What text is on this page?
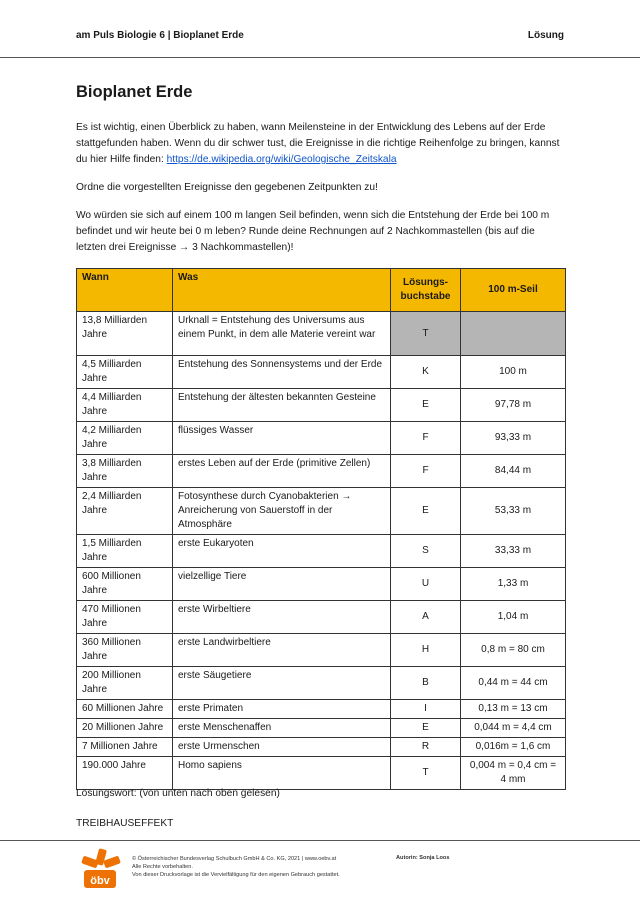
am Puls Biologie 6 | Bioplanet Erde	Lösung
Bioplanet Erde

Es ist wichtig, einen Überblick zu haben, wann Meilensteine in der Entwicklung des Lebens auf der Erde stattgefunden haben. Wenn du dir schwer tust, die Ereignisse in die richtige Reihenfolge zu bringen, kannst du hier Hilfe finden: https://de.wikipedia.org/wiki/Geologische_Zeitskala

Ordne die vorgestellten Ereignisse den gegebenen Zeitpunkten zu!

Wo würden sie sich auf einem 100 m langen Seil befinden, wenn sich die Entstehung der Erde bei 100 m befindet und wir heute bei 0 m leben? Runde deine Rechnungen auf 2 Nachkommastellen (bis auf die letzten drei Ereignisse → 3 Nachkommastellen)!

Wann	Was	Lösungs-buchstabe	100 m-Seil
13,8 Milliarden Jahre	Urknall = Entstehung des Universums aus einem Punkt, in dem alle Materie vereint war	T	
4,5 Milliarden Jahre	Entstehung des Sonnensystems und der Erde	K	100 m
4,4 Milliarden Jahre	Entstehung der ältesten bekannten Gesteine	E	97,78 m
4,2 Milliarden Jahre	flüssiges Wasser	F	93,33 m
3,8 Milliarden Jahre	erstes Leben auf der Erde (primitive Zellen)	F	84,44 m
2,4 Milliarden Jahre	Fotosynthese durch Cyanobakterien → Anreicherung von Sauerstoff in der Atmosphäre	E	53,33 m
1,5 Milliarden Jahre	erste Eukaryoten	S	33,33 m
600 Millionen Jahre	vielzellige Tiere	U	1,33 m
470 Millionen Jahre	erste Wirbeltiere	A	1,04 m
360 Millionen Jahre	erste Landwirbeltiere	H	0,8 m = 80 cm
200 Millionen Jahre	erste Säugetiere	B	0,44 m = 44 cm
60 Millionen Jahre	erste Primaten	I	0,13 m = 13 cm
20 Millionen Jahre	erste Menschenaffen	E	0,044 m = 4,4 cm
7 Millionen Jahre	erste Urmenschen	R	0,016m = 1,6 cm
190.000 Jahre	Homo sapiens	T	0,004 m = 0,4 cm = 4 mm

Lösungswort: (von unten nach oben gelesen)

TREIBHAUSEFFEKT

öbv
© Österreichischer Bundesverlag Schulbuch GmbH & Co. KG, 2021 | www.oebv.at
Alle Rechte vorbehalten.
Von dieser Druckvorlage ist die Vervielfältigung für den eigenen Gebrauch gestattet.
Autorin: Sonja Loos
